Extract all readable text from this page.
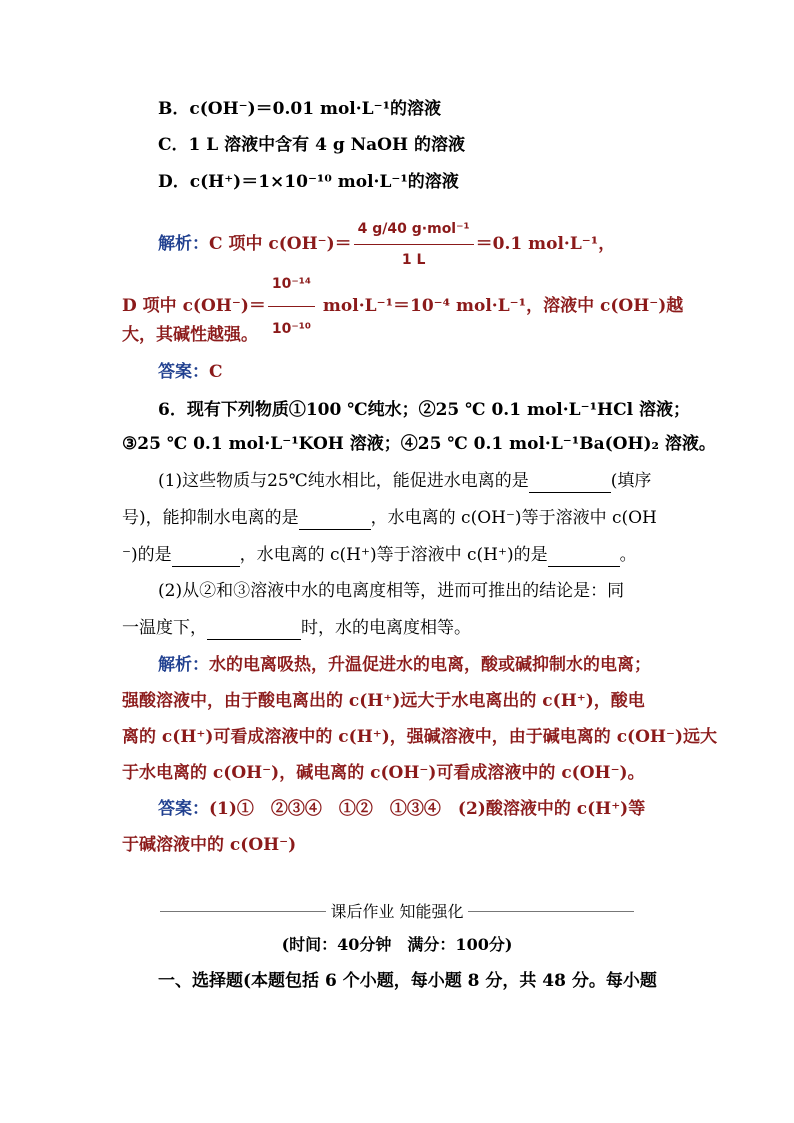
B．c(OH⁻)＝0.01 mol·L⁻¹的溶液
C．1 L 溶液中含有 4 g NaOH 的溶液
D．c(H⁺)＝1×10⁻¹⁰ mol·L⁻¹的溶液
解析：C 项中 $c(OH^-)= \frac{\text{4 g/40 g·mol⁻¹}}{1 L} =0.1$ mol·L⁻¹，
D 项中 $c(OH^-)= \frac{\text{10⁻¹⁴}}{\text{10⁻¹⁰}} mol\cdot L^{-1}=10^{-4}$ mol·L⁻¹，溶液中 c(OH⁻)越
大，其碱性越强。
答案：C
6．现有下列物质①100 ℃纯水；②25 ℃ 0.1 mol·L⁻¹HCl 溶液；
③25 ℃ 0.1 mol·L⁻¹KOH 溶液；④25 ℃ 0.1 mol·L⁻¹Ba(OH)₂ 溶液。
(1)这些物质与25℃纯水相比，能促进水电离的是	(填序
号)，能抑制水电离的是	，水电离的 c(OH⁻)等于溶液中 c(OH
⁻)的是	，水电离的 c(H⁺)等于溶液中 c(H⁺)的是	。
(2)从②和③溶液中水的电离度相等，进而可推出的结论是：同
一温度下，	时，水的电离度相等。
解析：水的电离吸热，升温促进水的电离，酸或碱抑制水的电离；
强酸溶液中，由于酸电离出的 c(H⁺)远大于水电离出的 c(H⁺)，酸电
离的 c(H⁺)可看成溶液中的 c(H⁺)，强碱溶液中，由于碱电离的 c(OH⁻)远大
于水电离的 c(OH⁻)，碱电离的 c(OH⁻)可看成溶液中的 c(OH⁻)。
答案：(1)①　②③④　①②　①③④　(2)酸溶液中的 c(H⁺)等
于碱溶液中的 c(OH⁻)
课后作业 知能强化
(时间：40分钟　满分：100分)
一、选择题(本题包括 6 个小题，每小题 8 分，共 48 分。每小题
